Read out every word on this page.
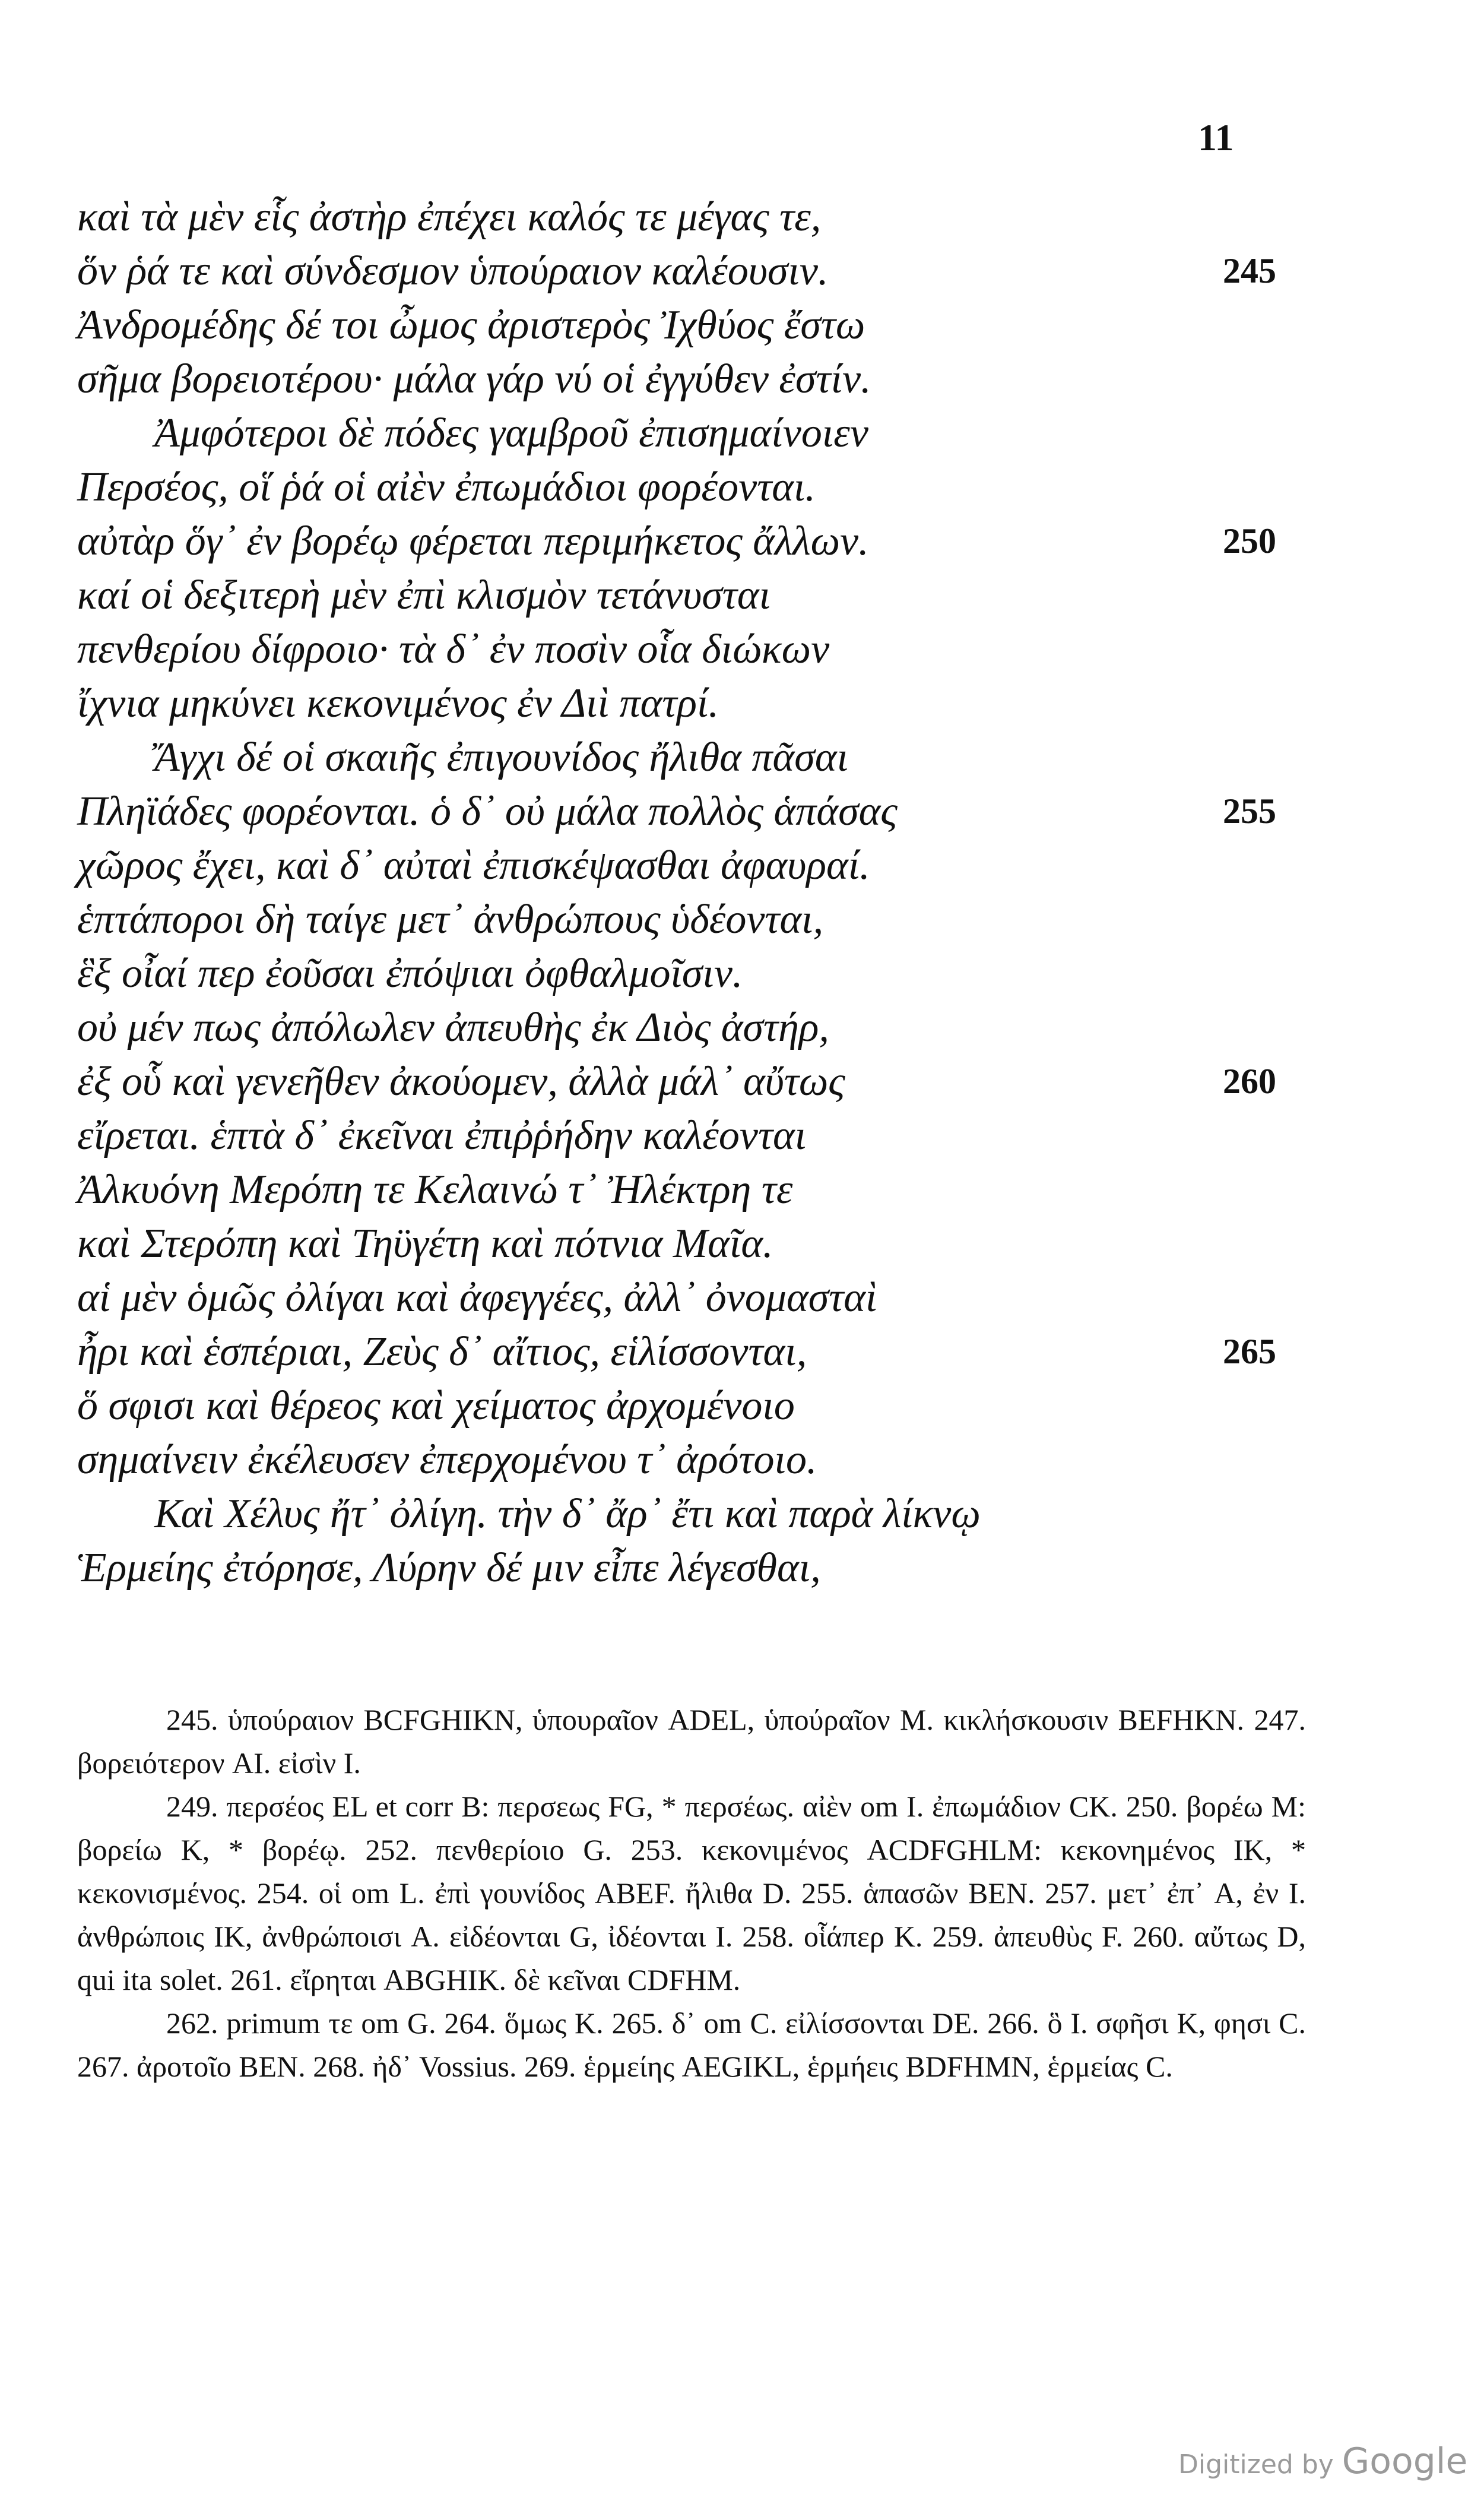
11
καὶ τὰ μὲν εἷς ἀστὴρ ἐπέχει καλός τε μέγας τε,
ὅν ῥά τε καὶ σύνδεσμον ὑπούραιον καλέουσιν.	245
Ἀνδρομέδης δέ τοι ὦμος ἀριστερὸς Ἰχθύος ἔστω
σῆμα βορειοτέρου· μάλα γάρ νύ οἱ ἐγγύθεν ἐστίν.
Ἀμφότεροι δὲ πόδες γαμβροῦ ἐπισημαίνοιεν
Περσέος, οἵ ῥά οἱ αἰὲν ἐπωμάδιοι φορέονται.
αὐτὰρ ὅγ᾽ ἐν βορέῳ φέρεται περιμήκετος ἄλλων.	250
καί οἱ δεξιτερὴ μὲν ἐπὶ κλισμὸν τετάνυσται
πενθερίου δίφροιο· τὰ δ᾽ ἐν ποσὶν οἷα διώκων
ἴχνια μηκύνει κεκονιμένος ἐν Διὶ πατρί.
Ἄγχι δέ οἱ σκαιῆς ἐπιγουνίδος ἤλιθα πᾶσαι
Πληϊάδες φορέονται. ὁ δ᾽ οὐ μάλα πολλὸς ἁπάσας	255
χῶρος ἔχει, καὶ δ᾽ αὐταὶ ἐπισκέψασθαι ἀφαυραί.
ἑπτάποροι δὴ ταίγε μετ᾽ ἀνθρώπους ὑδέονται,
ἓξ οἶαί περ ἐοῦσαι ἐπόψιαι ὀφθαλμοῖσιν.
οὐ μέν πως ἀπόλωλεν ἀπευθὴς ἐκ Διὸς ἀστήρ,
ἐξ οὗ καὶ γενεῆθεν ἀκούομεν, ἀλλὰ μάλ᾽ αὔτως	260
εἴρεται. ἑπτὰ δ᾽ ἐκεῖναι ἐπιῤῥήδην καλέονται
Ἀλκυόνη Μερόπη τε Κελαινώ τ᾽ Ἠλέκτρη τε
καὶ Στερόπη καὶ Τηϋγέτη καὶ πότνια Μαῖα.
αἱ μὲν ὁμῶς ὀλίγαι καὶ ἀφεγγέες, ἀλλ᾽ ὀνομασταὶ
ἦρι καὶ ἑσπέριαι, Ζεὺς δ᾽ αἴτιος, εἱλίσσονται,	265
ὅ σφισι καὶ θέρεος καὶ χείματος ἀρχομένοιο
σημαίνειν ἐκέλευσεν ἐπερχομένου τ᾽ ἀρότοιο.
Καὶ Χέλυς ἤτ᾽ ὀλίγη. τὴν δ᾽ ἄρ᾽ ἔτι καὶ παρὰ λίκνῳ
Ἑρμείης ἐτόρησε, Λύρην δέ μιν εἶπε λέγεσθαι,

245. ὑπούραιον BCFGHIKN, ὑπουραῖον ADEL, ὑπούραῖον M. κικλήσκουσιν BEFHKN. 247. βορειότερον AI. εἰσὶν I.

249. περσέος EL et corr B: περσεως FG, * περσέως. αἰὲν om I. ἐπωμάδιον CK. 250. βορέω M: βορείω K, * βορέῳ. 252. πενθερίοιο G. 253. κεκονιμένος ACDFGHLM: κεκονημένος IK, * κεκονισμένος. 254. οἱ om L. ἐπὶ γουνίδος ABEF. ἤλιθα D. 255. ἁπασῶν BEN. 257. μετ᾽ ἐπ᾽ A, ἐν I. ἀνθρώποις IK, ἀνθρώποισι A. εἰδέονται G, ἰδέονται I. 258. οἷάπερ K. 259. ἀπευθὺς F. 260. αὔτως D, qui ita solet. 261. εἴρηται ABGHIK. δὲ κεῖναι CDFHM.

262. primum τε om G. 264. ὅμως K. 265. δ᾽ om C. εἰλίσσονται DE. 266. ὃ I. σφῆσι K, φησι C. 267. ἀροτοῖο BEN. 268. ἠδ᾽ Vossius. 269. ἑρμείης AEGIKL, ἑρμήεις BDFHMN, ἑρμείας C.

Digitized by Google
